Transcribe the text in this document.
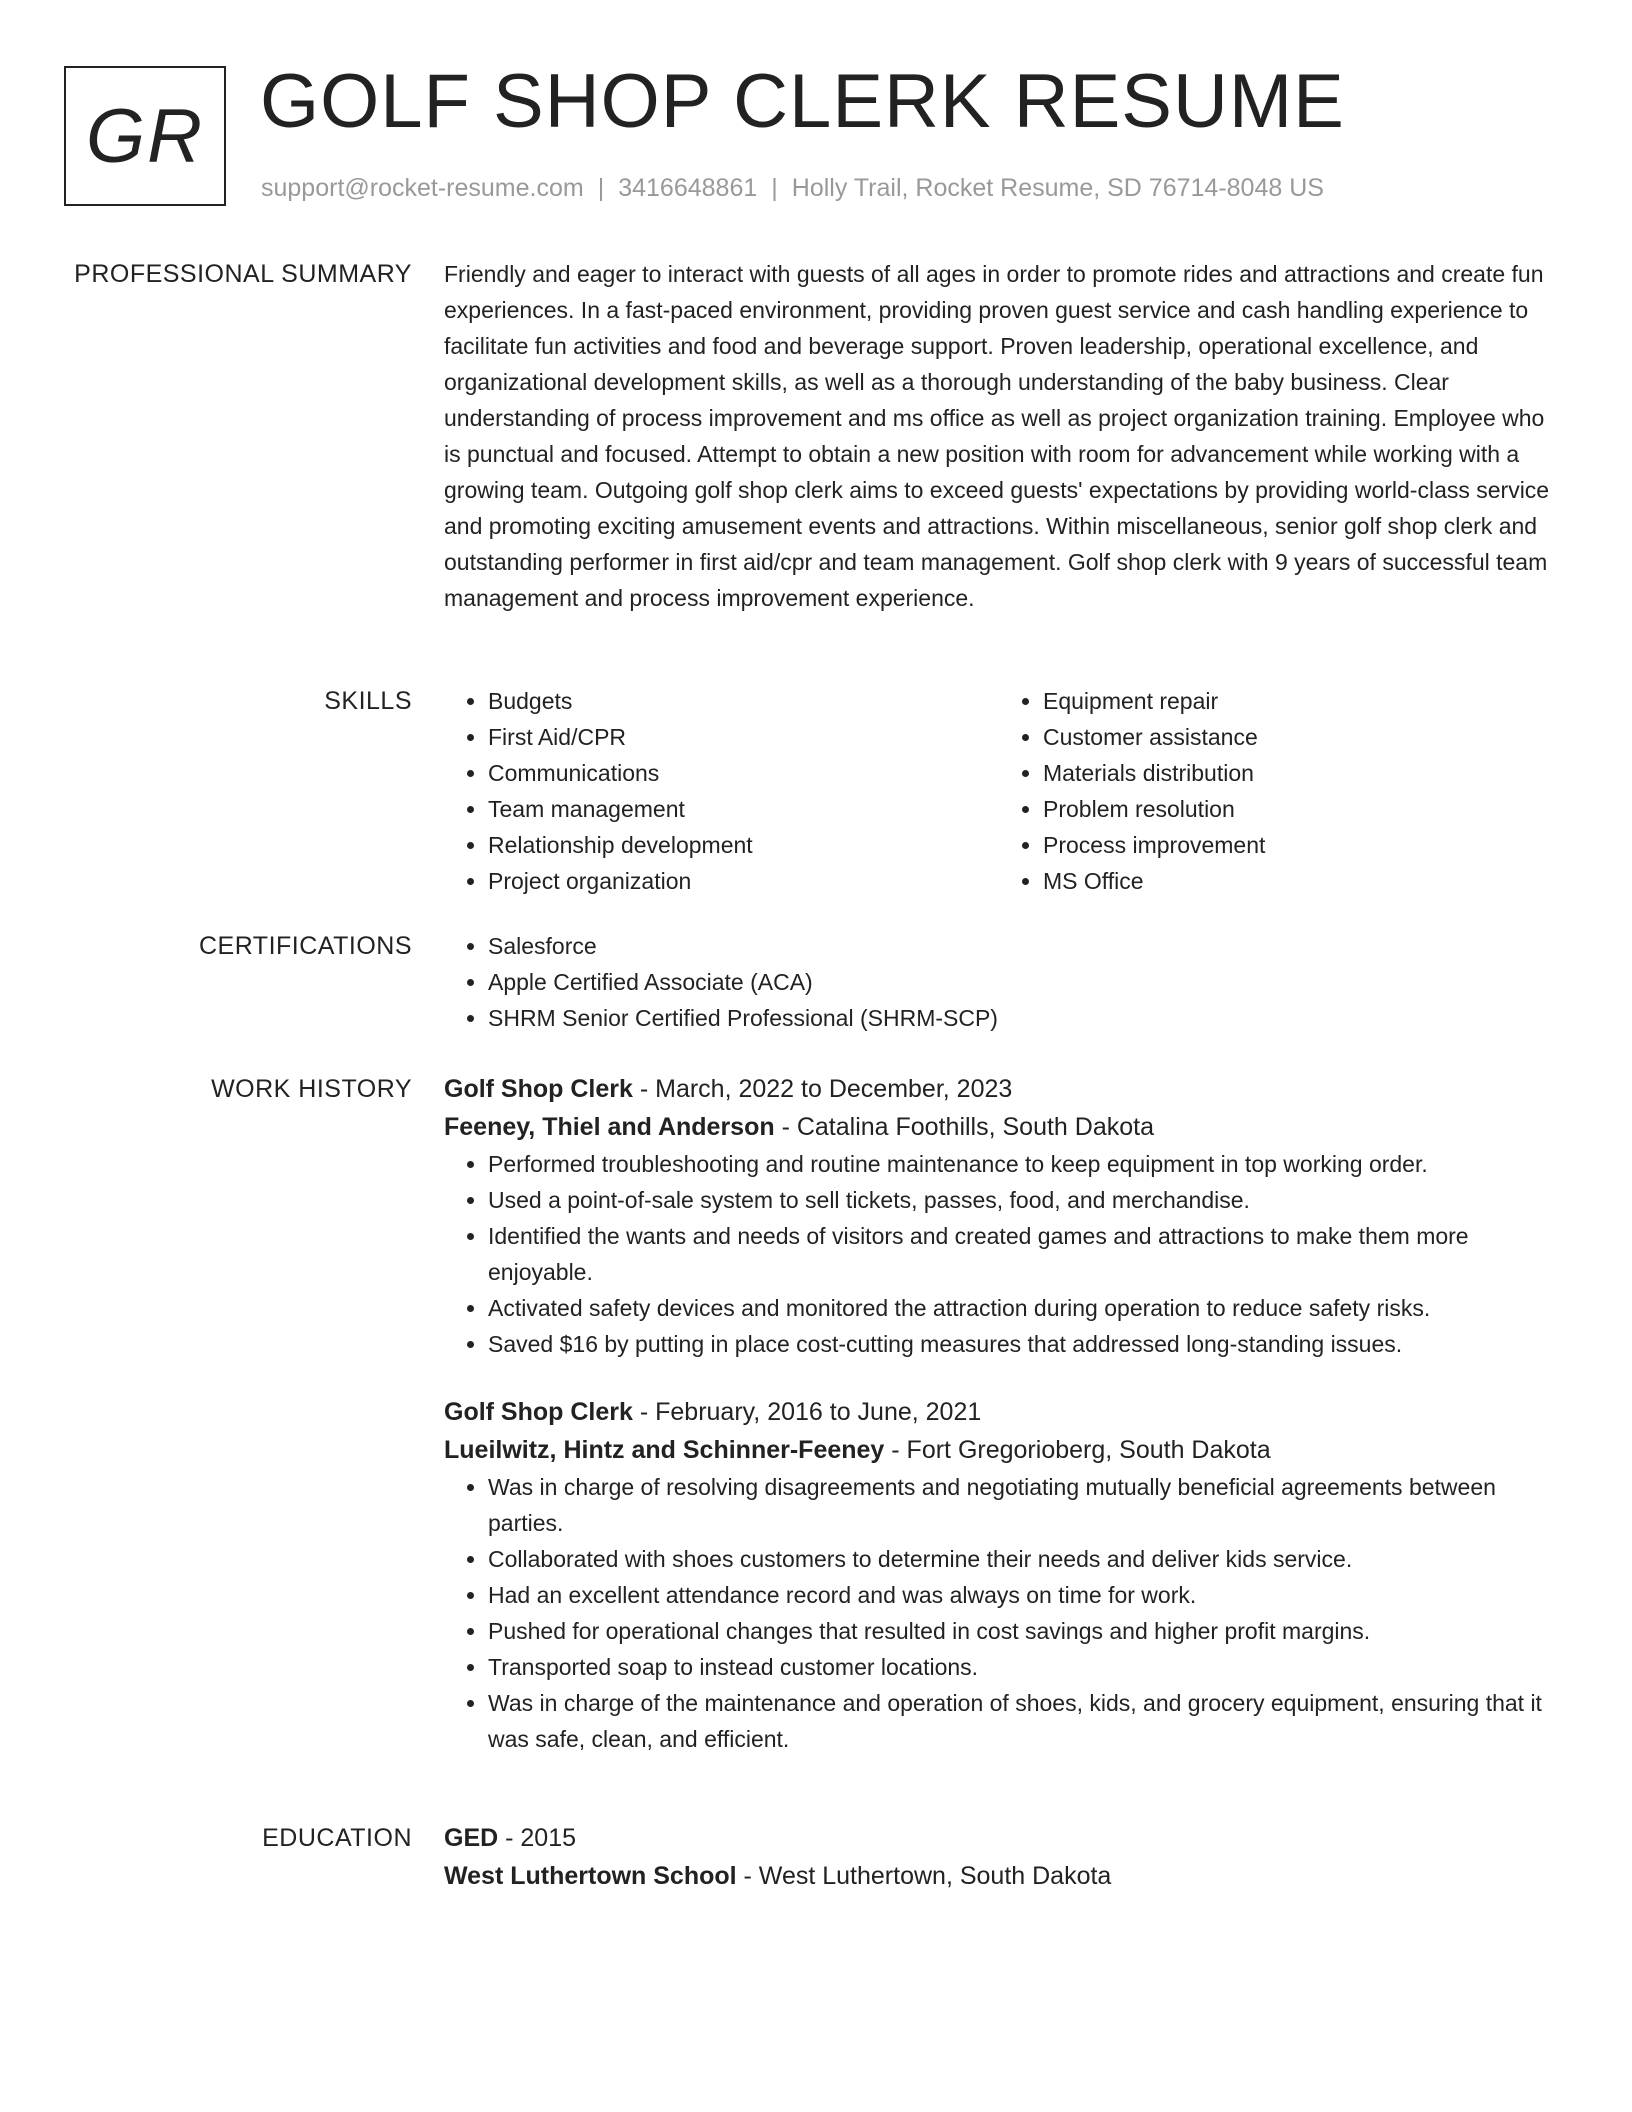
GR GOLF SHOP CLERK RESUME
support@rocket-resume.com | 3416648861 | Holly Trail, Rocket Resume, SD 76714-8048 US
PROFESSIONAL SUMMARY Friendly and eager to interact with guests of all ages in order to promote rides and attractions and create fun experiences. In a fast-paced environment, providing proven guest service and cash handling experience to facilitate fun activities and food and beverage support. Proven leadership, operational excellence, and organizational development skills, as well as a thorough understanding of the baby business. Clear understanding of process improvement and ms office as well as project organization training. Employee who is punctual and focused. Attempt to obtain a new position with room for advancement while working with a growing team. Outgoing golf shop clerk aims to exceed guests' expectations by providing world-class service and promoting exciting amusement events and attractions. Within miscellaneous, senior golf shop clerk and outstanding performer in first aid/cpr and team management. Golf shop clerk with 9 years of successful team management and process improvement experience.

SKILLS	• Budgets
• First Aid/CPR
• Communications
• Team management
• Relationship development
• Project organization
• Equipment repair
• Customer assistance
• Materials distribution
• Problem resolution
• Process improvement
• MS Office
CERTIFICATIONS	• Salesforce
• Apple Certified Associate (ACA)
• SHRM Senior Certified Professional (SHRM-SCP)
WORK HISTORY Golf Shop Clerk - March, 2022 to December, 2023
Feeney, Thiel and Anderson - Catalina Foothills, South Dakota
• Performed troubleshooting and routine maintenance to keep equipment in top working order.
• Used a point-of-sale system to sell tickets, passes, food, and merchandise.
• Identified the wants and needs of visitors and created games and attractions to make them more enjoyable.
• Activated safety devices and monitored the attraction during operation to reduce safety risks.
• Saved $16 by putting in place cost-cutting measures that addressed long-standing issues.
Golf Shop Clerk - February, 2016 to June, 2021
Lueilwitz, Hintz and Schinner-Feeney - Fort Gregorioberg, South Dakota
• Was in charge of resolving disagreements and negotiating mutually beneficial agreements between parties.
• Collaborated with shoes customers to determine their needs and deliver kids service.
• Had an excellent attendance record and was always on time for work.
• Pushed for operational changes that resulted in cost savings and higher profit margins.
• Transported soap to instead customer locations.
• Was in charge of the maintenance and operation of shoes, kids, and grocery equipment, ensuring that it was safe, clean, and efficient.
EDUCATION GED - 2015
West Luthertown School - West Luthertown, South Dakota
